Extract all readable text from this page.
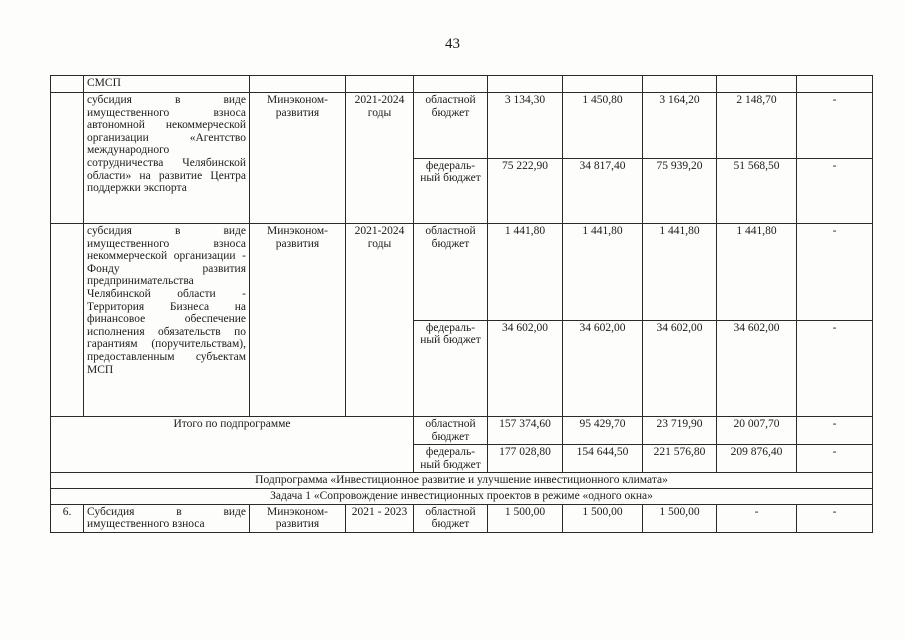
43
	СМСП								
	субсидия в виде имущественного взноса автономной некоммерческой организации «Агентство международного сотрудничества Челябинской области» на развитие Центра поддержки экспорта	Минэконом-развития	2021-2024 годы	областной бюджет	3 134,30	1 450,80	3 164,20	2 148,70	-
				федераль-ный бюджет	75 222,90	34 817,40	75 939,20	51 568,50	-
	субсидия в виде имущественного взноса некоммерческой организации - Фонду развития предпринимательства Челябинской области - Территория Бизнеса на финансовое обеспечение исполнения обязательств по гарантиям (поручительствам), предоставленным субъектам МСП	Минэконом-развития	2021-2024 годы	областной бюджет	1 441,80	1 441,80	1 441,80	1 441,80	-
				федераль-ный бюджет	34 602,00	34 602,00	34 602,00	34 602,00	-
Итого по подпрограмме				областной бюджет	157 374,60	95 429,70	23 719,90	20 007,70	-
				федераль-ный бюджет	177 028,80	154 644,50	221 576,80	209 876,40	-
Подпрограмма «Инвестиционное развитие и улучшение инвестиционного климата»									
Задача 1 «Сопровождение инвестиционных проектов в режиме «одного окна»									
6.	Субсидия в виде имущественного взноса	Минэконом-развития	2021 - 2023	областной бюджет	1 500,00	1 500,00	1 500,00	-	-
